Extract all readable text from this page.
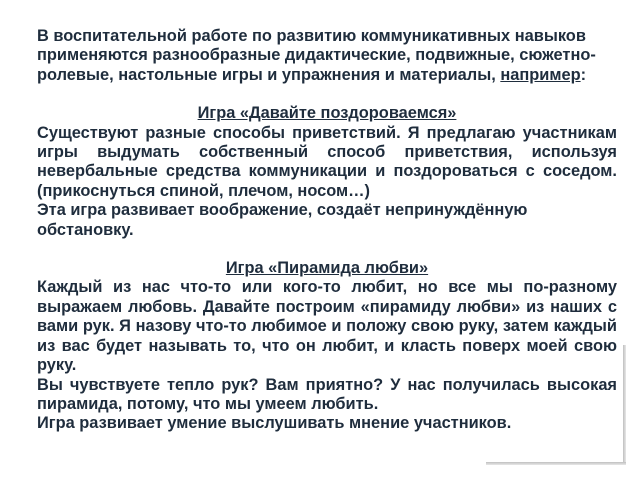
В воспитательной работе по развитию коммуникативных навыков применяются разнообразные дидактические, подвижные, сюжетно-ролевые, настольные игры и упражнения и материалы, например:

Игра «Давайте поздороваемся»

Существуют разные способы приветствий. Я предлагаю участникам игры выдумать собственный способ приветствия, используя невербальные средства коммуникации и поздороваться с соседом. (прикоснуться спиной, плечом, носом…)

Эта игра развивает воображение, создаёт непринуждённую обстановку.

Игра «Пирамида любви»

Каждый из нас что-то или кого-то любит, но все мы по-разному выражаем любовь. Давайте построим «пирамиду любви» из наших с вами рук. Я назову что-то любимое и положу свою руку, затем каждый из вас будет называть то, что он любит, и класть поверх моей свою руку.

Вы чувствуете тепло рук? Вам приятно? У нас получилась высокая пирамида, потому, что мы умеем любить.

Игра развивает умение выслушивать мнение участников.
